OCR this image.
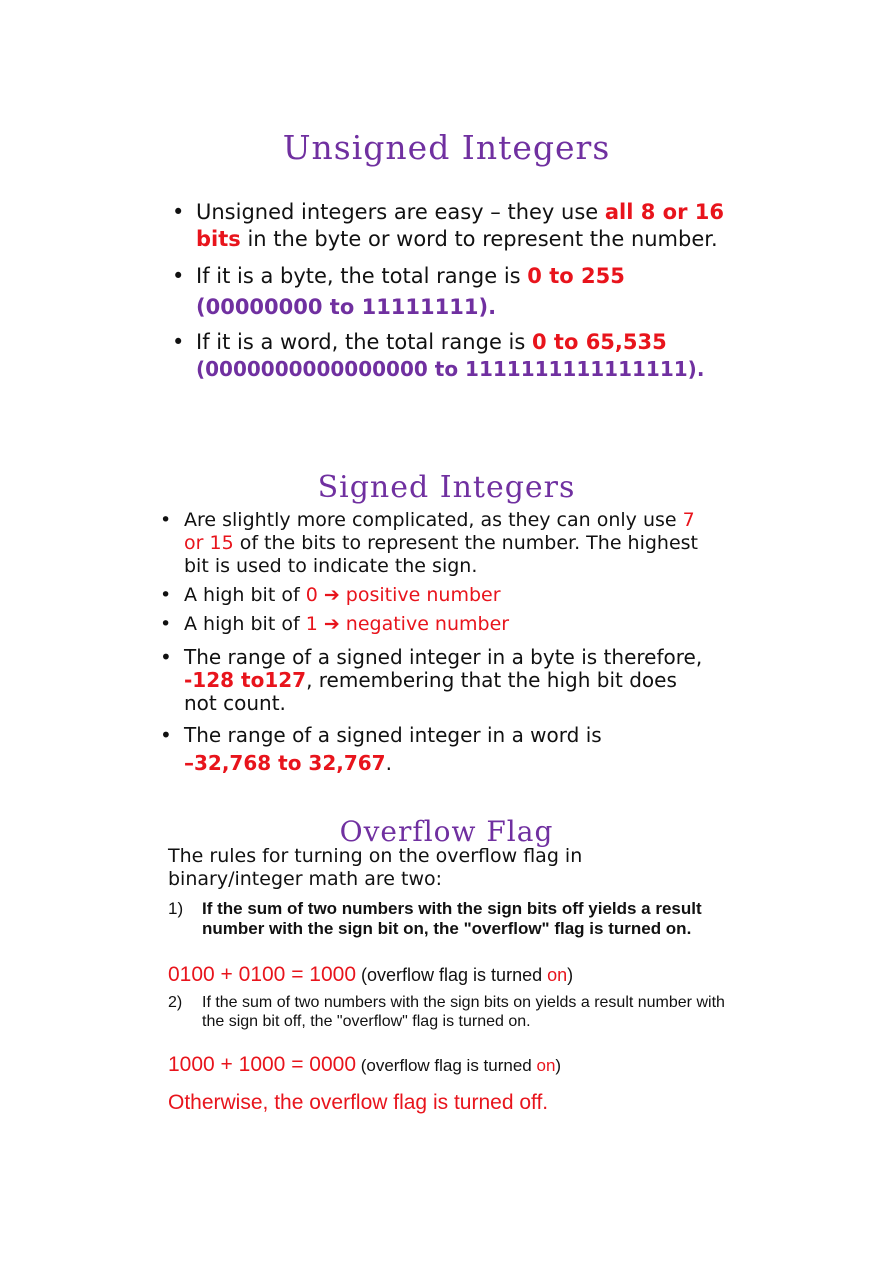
Unsigned Integers
• Unsigned integers are easy – they use all 8 or 16 bits in the byte or word to represent the number.
• If it is a byte, the total range is 0 to 255
(00000000 to 11111111).
• If it is a word, the total range is 0 to 65,535
(0000000000000000 to 1111111111111111).
Signed Integers
• Are slightly more complicated, as they can only use 7 or 15 of the bits to represent the number. The highest bit is used to indicate the sign.
• A high bit of 0 ➔ positive number
• A high bit of 1 ➔ negative number
• The range of a signed integer in a byte is therefore, -128 to127, remembering that the high bit does not count.
• The range of a signed integer in a word is
–32,768 to 32,767.
Overflow Flag

The rules for turning on the overflow flag in binary/integer math are two:

1) If the sum of two numbers with the sign bits off yields a result number with the sign bit on, the "overflow" flag is turned on.

0100 + 0100 = 1000 (overflow flag is turned on)

2) If the sum of two numbers with the sign bits on yields a result number with the sign bit off, the "overflow" flag is turned on.

1000 + 1000 = 0000 (overflow flag is turned on)

Otherwise, the overflow flag is turned off.
